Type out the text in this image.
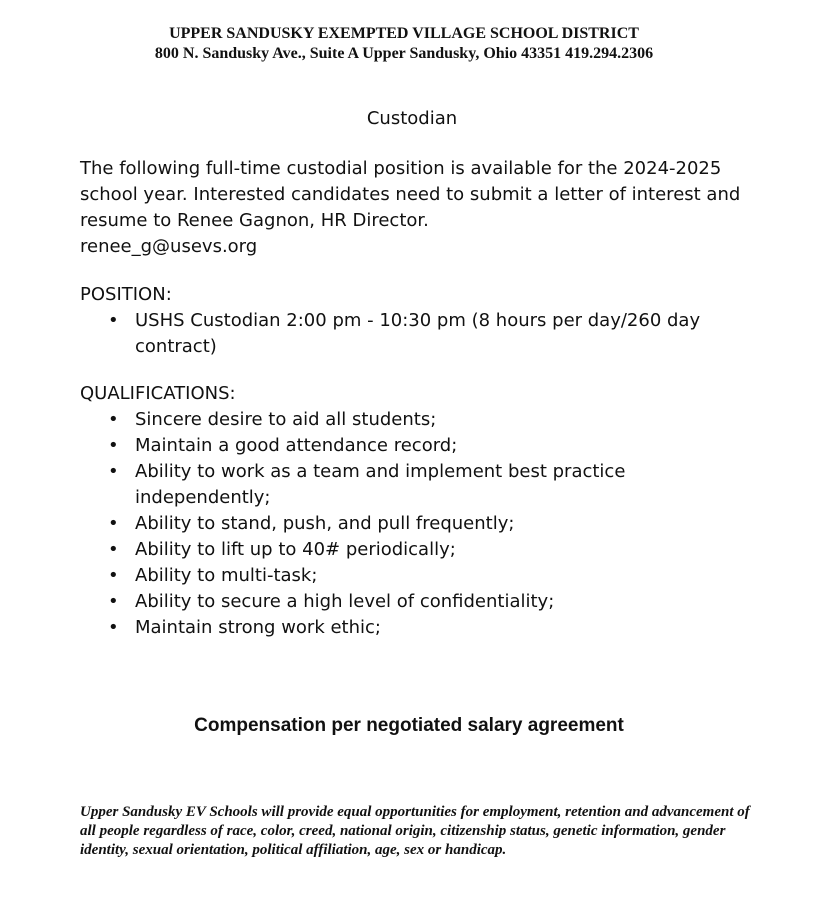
UPPER SANDUSKY EXEMPTED VILLAGE SCHOOL DISTRICT
800 N. Sandusky Ave., Suite A Upper Sandusky, Ohio 43351 419.294.2306
Custodian
The following full-time custodial position is available for the 2024-2025 school year. Interested candidates need to submit a letter of interest and resume to Renee Gagnon, HR Director.
renee_g@usevs.org
POSITION:
• USHS Custodian 2:00 pm - 10:30 pm (8 hours per day/260 day contract)
QUALIFICATIONS:
• Sincere desire to aid all students;
• Maintain a good attendance record;
• Ability to work as a team and implement best practice independently;
• Ability to stand, push, and pull frequently;
• Ability to lift up to 40# periodically;
• Ability to multi-task;
• Ability to secure a high level of confidentiality;
• Maintain strong work ethic;
Compensation per negotiated salary agreement
Upper Sandusky EV Schools will provide equal opportunities for employment, retention and advancement of all people regardless of race, color, creed, national origin, citizenship status, genetic information, gender identity, sexual orientation, political affiliation, age, sex or handicap.
